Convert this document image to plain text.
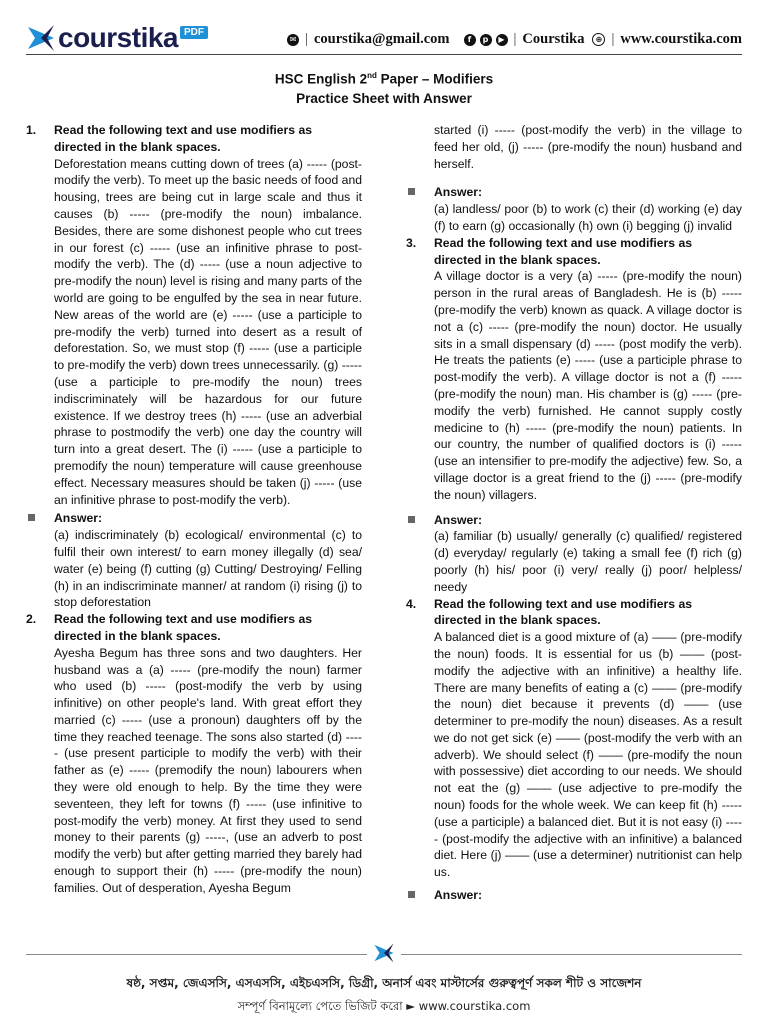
courstika PDF
✉ | courstika@gmail.com	f	p	▶ | Courstika	⊕ | www.courstika.com
HSC English 2nd Paper – Modifiers
Practice Sheet with Answer
1. Read the following text and use modifiers as directed in the blank spaces.
Deforestation means cutting down of trees (a) ----- (post-modify the verb). To meet up the basic needs of food and housing, trees are being cut in large scale and thus it causes (b) ----- (pre-modify the noun) imbalance. Besides, there are some dishonest people who cut trees in our forest (c) ----- (use an infinitive phrase to post-modify the verb). The (d) ----- (use a noun adjective to pre-modify the noun) level is rising and many parts of the world are going to be engulfed by the sea in near future. New areas of the world are (e) ----- (use a participle to pre-modify the verb) turned into desert as a result of deforestation. So, we must stop (f) ----- (use a participle to pre-modify the verb) down trees unnecessarily. (g) ----- (use a participle to pre-modify the noun) trees indiscriminately will be hazardous for our future existence. If we destroy trees (h) ----- (use an adverbial phrase to postmodify the verb) one day the country will turn into a great desert. The (i) ----- (use a participle to premodify the noun) temperature will cause greenhouse effect. Necessary measures should be taken (j) ----- (use an infinitive phrase to post-modify the verb).
Answer:
(a) indiscriminately (b) ecological/ environmental (c) to fulfil their own interest/ to earn money illegally (d) sea/ water (e) being (f) cutting (g) Cutting/ Destroying/ Felling (h) in an indiscriminate manner/ at random (i) rising (j) to stop deforestation
2. Read the following text and use modifiers as directed in the blank spaces.
Ayesha Begum has three sons and two daughters. Her husband was a (a) ----- (pre-modify the noun) farmer who used (b) ----- (post-modify the verb by using infinitive) on other people's land. With great effort they married (c) ----- (use a pronoun) daughters off by the time they reached teenage. The sons also started (d) ----- (use present participle to modify the verb) with their father as (e) ----- (premodify the noun) labourers when they were old enough to help. By the time they were seventeen, they left for towns (f) ----- (use infinitive to post-modify the verb) money. At first they used to send money to their parents (g) -----, (use an adverb to post modify the verb) but after getting married they barely had enough to support their (h) ----- (pre-modify the noun) families. Out of desperation, Ayesha Begum
started (i) ----- (post-modify the verb) in the village to feed her old, (j) ----- (pre-modify the noun) husband and herself.
Answer:
(a) landless/ poor (b) to work (c) their (d) working (e) day (f) to earn (g) occasionally (h) own (i) begging (j) invalid
3. Read the following text and use modifiers as directed in the blank spaces.
A village doctor is a very (a) ----- (pre-modify the noun) person in the rural areas of Bangladesh. He is (b) ----- (pre-modify the verb) known as quack. A village doctor is not a (c) ----- (pre-modify the noun) doctor. He usually sits in a small dispensary (d) ----- (post modify the verb). He treats the patients (e) ----- (use a participle phrase to post-modify the verb). A village doctor is not a (f) ----- (pre-modify the noun) man. His chamber is (g) ----- (pre-modify the verb) furnished. He cannot supply costly medicine to (h) ----- (pre-modify the noun) patients. In our country, the number of qualified doctors is (i) ----- (use an intensifier to pre-modify the adjective) few. So, a village doctor is a great friend to the (j) ----- (pre-modify the noun) villagers.
Answer:
(a) familiar (b) usually/ generally (c) qualified/ registered (d) everyday/ regularly (e) taking a small fee (f) rich (g) poorly (h) his/ poor (i) very/ really (j) poor/ helpless/ needy
4. Read the following text and use modifiers as directed in the blank spaces.
A balanced diet is a good mixture of (a) —— (pre-modify the noun) foods. It is essential for us (b) —— (post-modify the adjective with an infinitive) a healthy life. There are many benefits of eating a (c) —— (pre-modify the noun) diet because it prevents (d) —— (use determiner to pre-modify the noun) diseases. As a result we do not get sick (e) —— (post-modify the verb with an adverb). We should select (f) —— (pre-modify the noun with possessive) diet according to our needs. We should not eat the (g) —— (use adjective to pre-modify the noun) foods for the whole week. We can keep fit (h) ----- (use a participle) a balanced diet. But it is not easy (i) ----- (post-modify the adjective with an infinitive) a balanced diet. Here (j) —— (use a determiner) nutritionist can help us.
Answer:
ষষ্ঠ, সপ্তম, জেএসসি, এসএসসি, এইচএসসি, ডিগ্রী, অনার্স এবং মাস্টার্সের গুরুত্বপূর্ণ সকল শীট ও সাজেশন
সম্পূর্ণ বিনামূল্যে পেতে ভিজিট করো ► www.courstika.com
